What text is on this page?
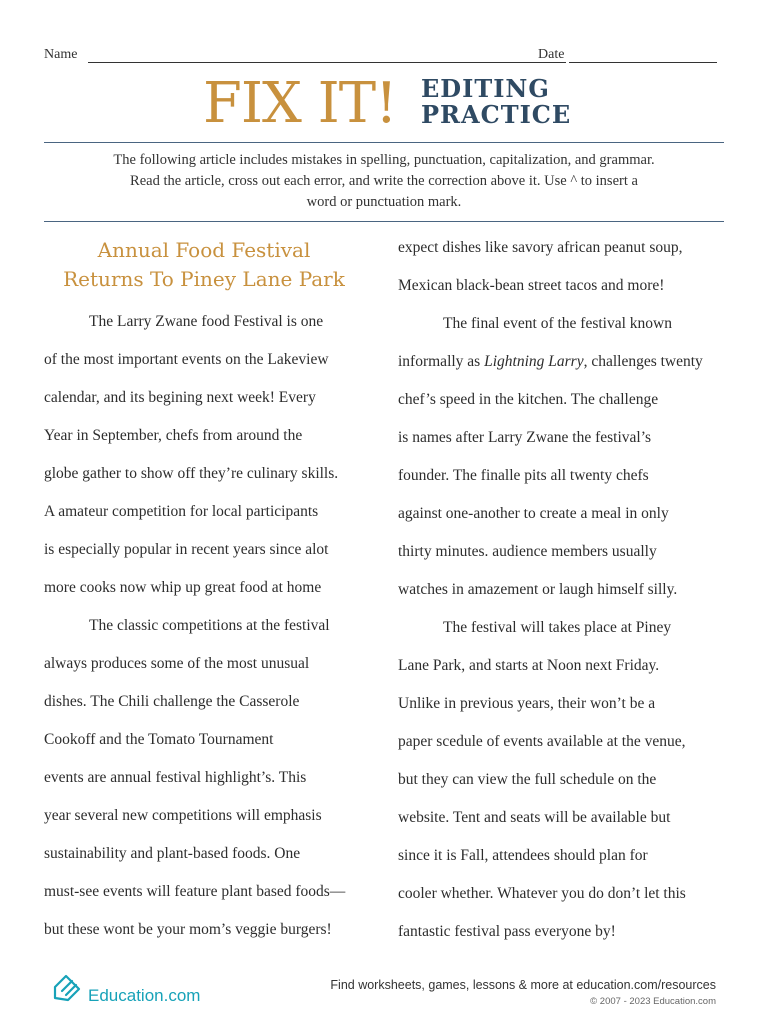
Name	Date
FIX IT! EDITING
PRACTICE
The following article includes mistakes in spelling, punctuation, capitalization, and grammar.
Read the article, cross out each error, and write the correction above it. Use ^ to insert a
word or punctuation mark.
Annual Food Festival
Returns To Piney Lane Park
The Larry Zwane food Festival is one
of the most important events on the Lakeview
calendar, and its begining next week! Every
Year in September, chefs from around the
globe gather to show off they’re culinary skills.
A amateur competition for local participants
is especially popular in recent years since alot
more cooks now whip up great food at home
The classic competitions at the festival
always produces some of the most unusual
dishes. The Chili challenge the Casserole
Cookoff and the Tomato Tournament
events are annual festival highlight’s. This
year several new competitions will emphasis
sustainability and plant-based foods. One
must-see events will feature plant based foods—
but these wont be your mom’s veggie burgers!
expect dishes like savory african peanut soup,
Mexican black-bean street tacos and more!
The final event of the festival known
informally as Lightning Larry, challenges twenty
chef’s speed in the kitchen. The challenge
is names after Larry Zwane the festival’s
founder. The finalle pits all twenty chefs
against one-another to create a meal in only
thirty minutes. audience members usually
watches in amazement or laugh himself silly.
The festival will takes place at Piney
Lane Park, and starts at Noon next Friday.
Unlike in previous years, their won’t be a
paper scedule of events available at the venue,
but they can view the full schedule on the
website. Tent and seats will be available but
since it is Fall, attendees should plan for
cooler whether. Whatever you do don’t let this
fantastic festival pass everyone by!
Education.com
Find worksheets, games, lessons & more at education.com/resources
© 2007 - 2023 Education.com
